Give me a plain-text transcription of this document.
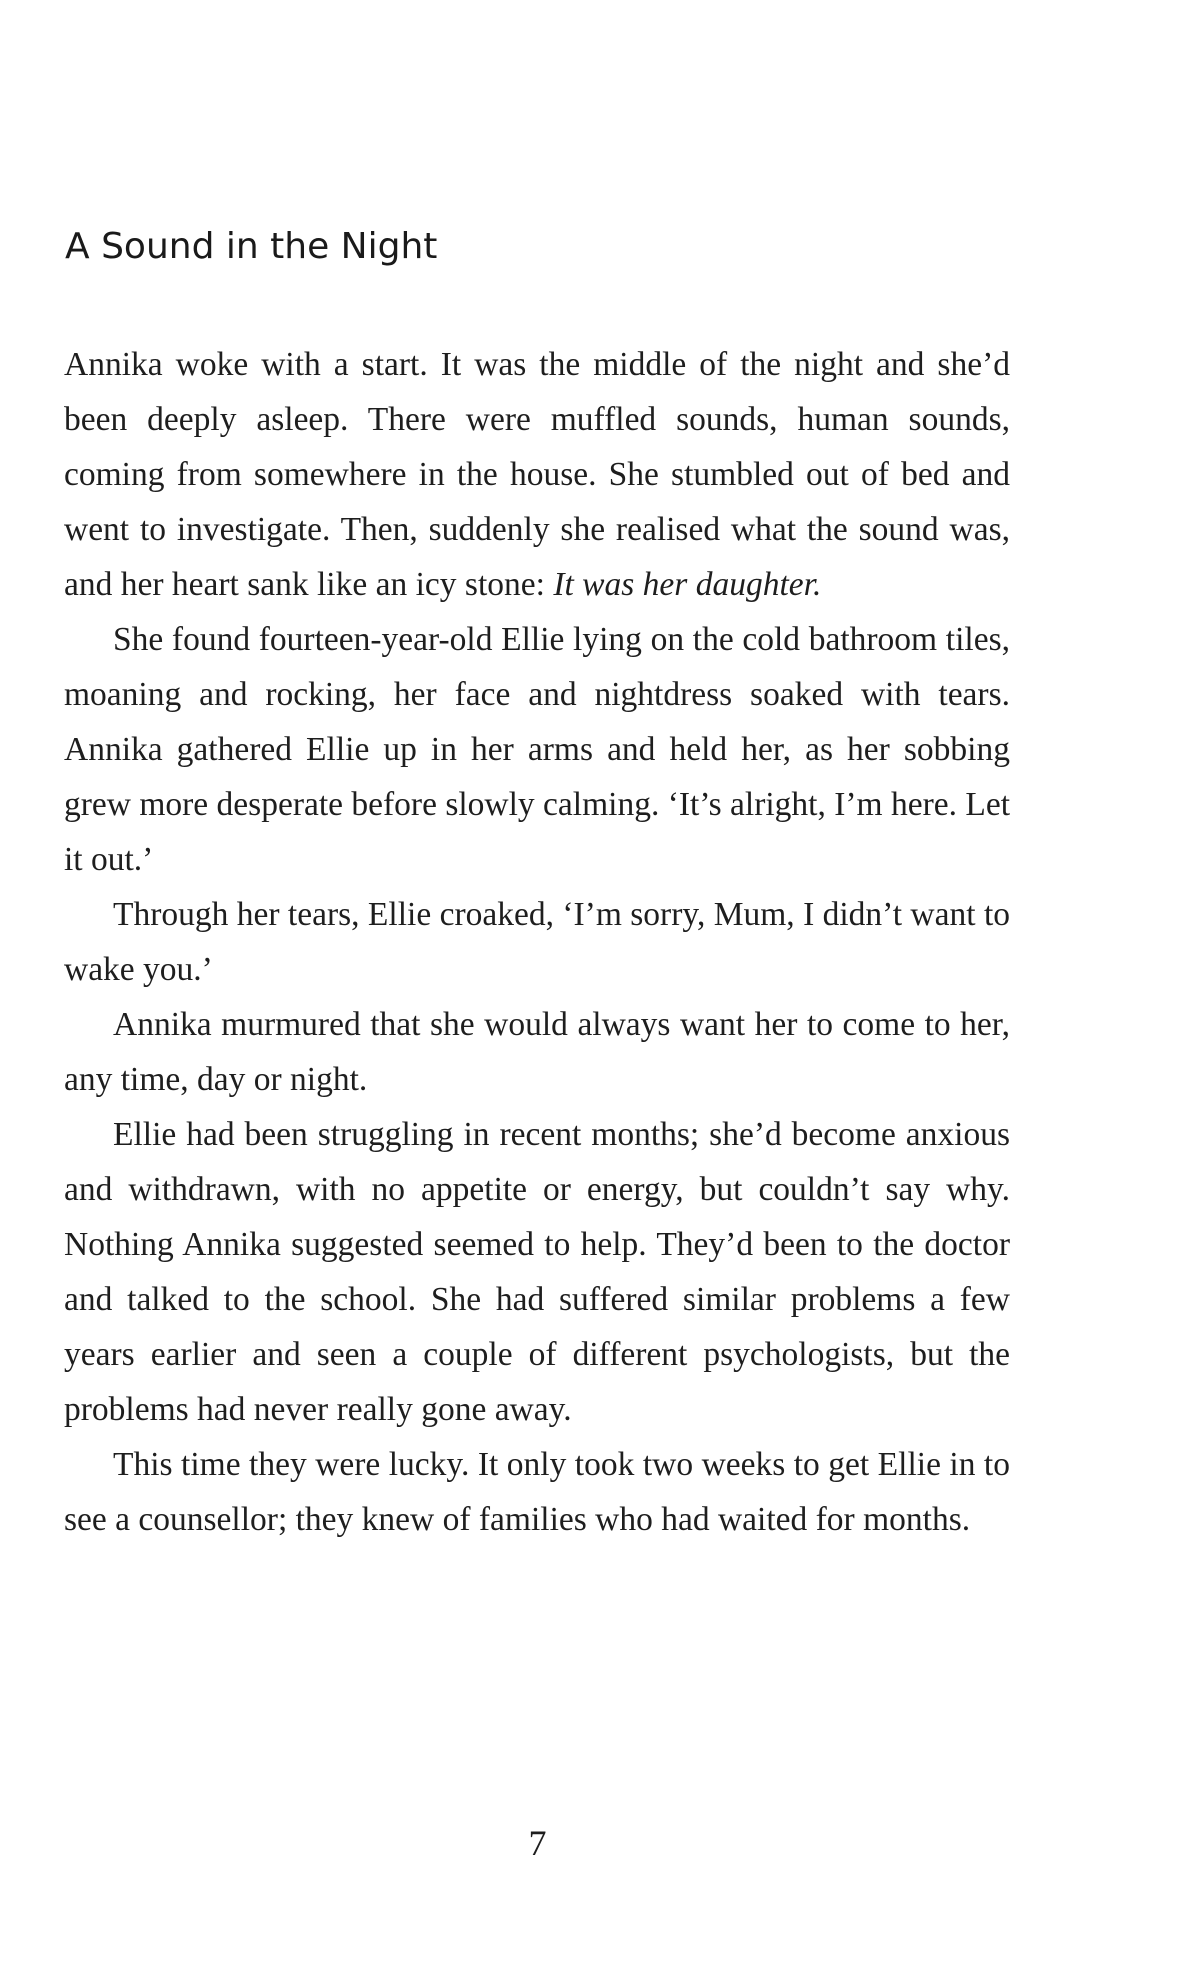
A Sound in the Night

Annika woke with a start. It was the middle of the night and she’d been deeply asleep. There were muffled sounds, human sounds, coming from somewhere in the house. She stumbled out of bed and went to investigate. Then, suddenly she realised what the sound was, and her heart sank like an icy stone: It was her daughter.

She found fourteen-year-old Ellie lying on the cold bathroom tiles, moaning and rocking, her face and nightdress soaked with tears. Annika gathered Ellie up in her arms and held her, as her sobbing grew more desperate before slowly calming. ‘It’s alright, I’m here. Let it out.’

Through her tears, Ellie croaked, ‘I’m sorry, Mum, I didn’t want to wake you.’

Annika murmured that she would always want her to come to her, any time, day or night.

Ellie had been struggling in recent months; she’d become anxious and withdrawn, with no appetite or energy, but couldn’t say why. Nothing Annika suggested seemed to help. They’d been to the doctor and talked to the school. She had suffered similar problems a few years earlier and seen a couple of different psychologists, but the problems had never really gone away.

This time they were lucky. It only took two weeks to get Ellie in to see a counsellor; they knew of families who had waited for months.

7
